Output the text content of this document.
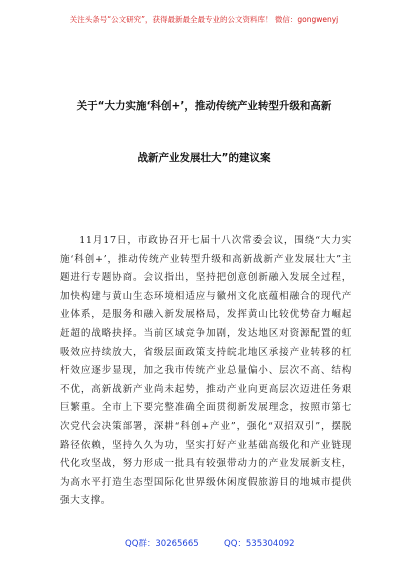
关注头条号“公文研究”，获得最新最全最专业的公文资料库！ 微信：gongwenyj
关于“大力实施‘科创+’，推动传统产业转型升级和高新
战新产业发展壮大”的建议案

11月17日，市政协召开七届十八次常委会议，围绕“大力实施‘科创+’，推动传统产业转型升级和高新战新产业发展壮大”主题进行专题协商。会议指出，坚持把创意创新融入发展全过程，加快构建与黄山生态环境相适应与徽州文化底蕴相融合的现代产业体系，是服务和融入新发展格局，发挥黄山比较优势奋力崛起赶超的战略抉择。当前区域竞争加剧，发达地区对资源配置的虹吸效应持续放大，省级层面政策支持皖北地区承接产业转移的杠杆效应逐步显现，加之我市传统产业总量偏小、层次不高、结构不优，高新战新产业尚未起势，推动产业向更高层次迈进任务艰巨繁重。全市上下要完整准确全面贯彻新发展理念，按照市第七次党代会决策部署，深耕“科创+产业”，强化“双招双引”，摆脱路径依赖，坚持久久为功，坚实打好产业基础高级化和产业链现代化攻坚战，努力形成一批具有较强带动力的产业发展新支柱，为高水平打造生态型国际化世界级休闲度假旅游目的地城市提供强大支撑。

QQ群：30265665	QQ：535304092
